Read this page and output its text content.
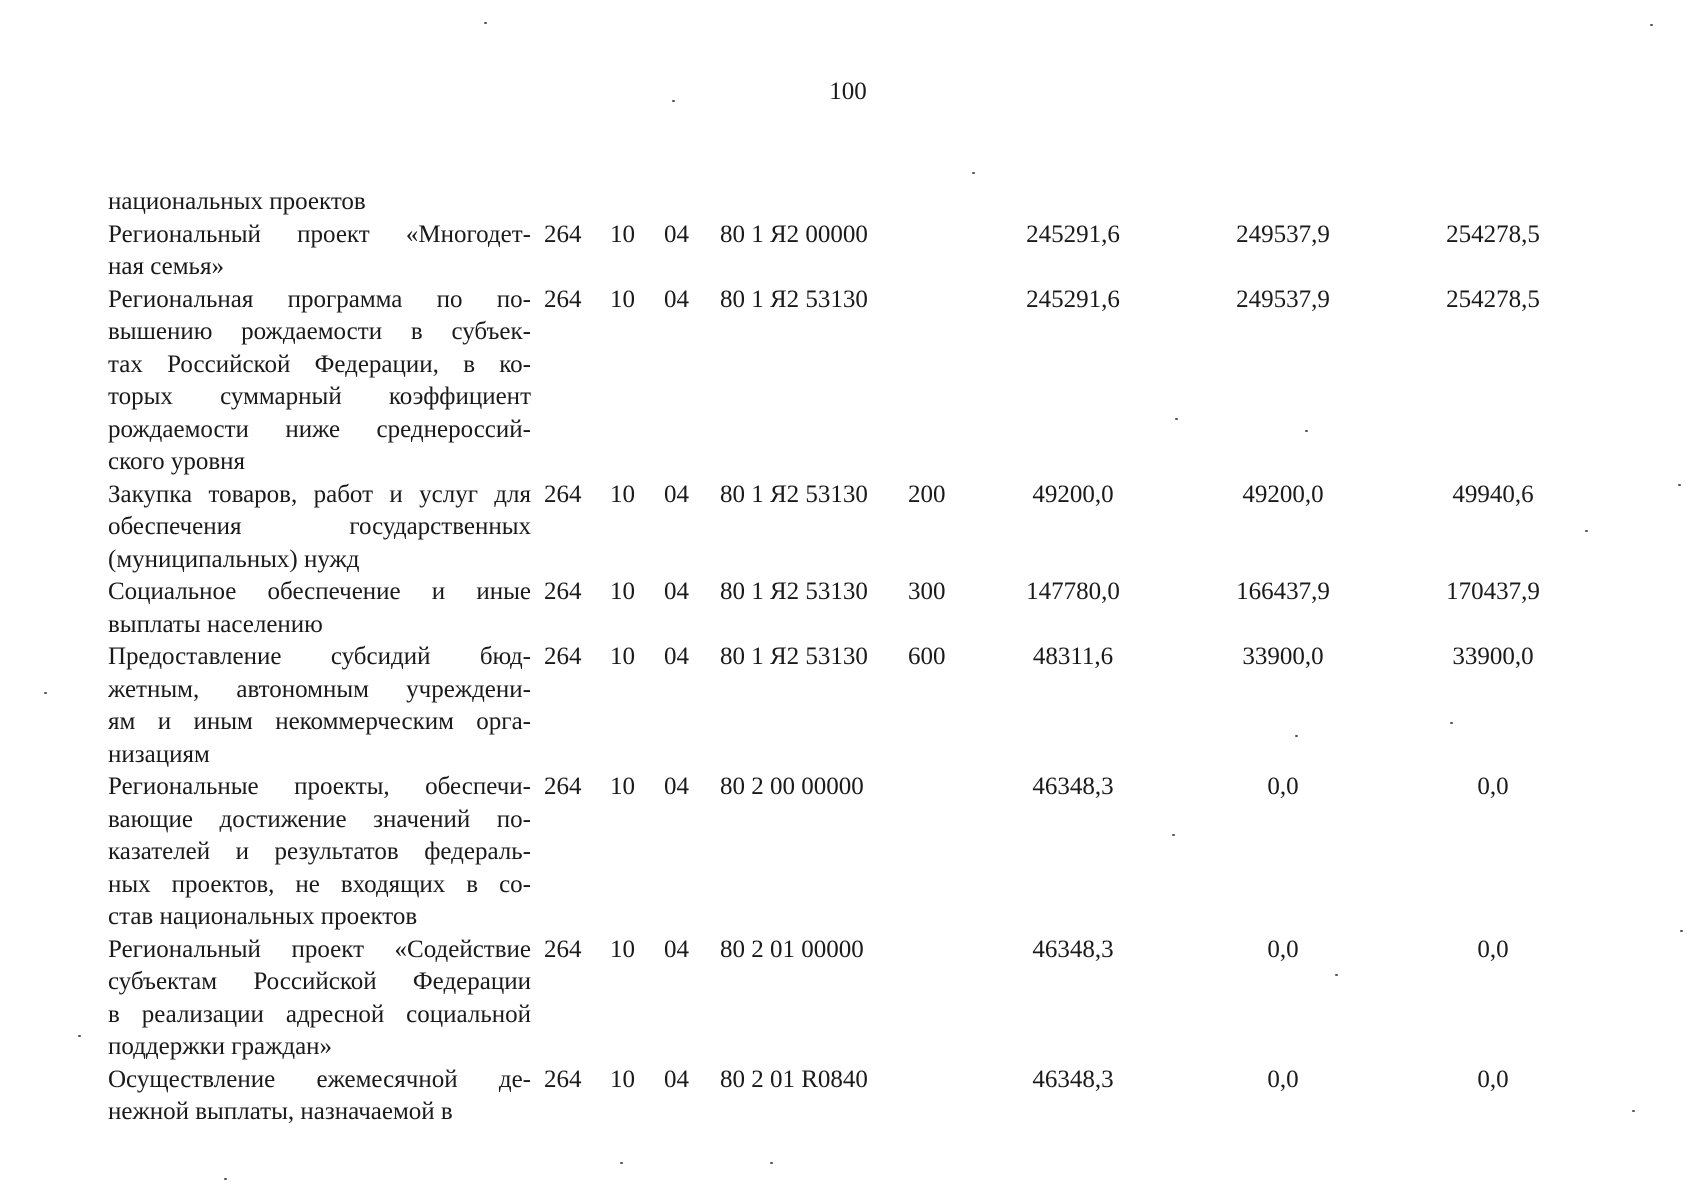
100
национальных проектов
Региональный проект «Многодет-
ная семья»
264 10 04 80 1 Я2 00000	245291,6	249537,9	254278,5
Региональная программа по по-
вышению рождаемости в субъек-
тах Российской Федерации, в ко-
торых суммарный коэффициент
рождаемости ниже среднероссий-
ского уровня
264 10 04 80 1 Я2 53130	245291,6	249537,9	254278,5
Закупка товаров, работ и услуг для
обеспечения государственных
(муниципальных) нужд
264 10 04 80 1 Я2 53130 200	49200,0	49200,0	49940,6
Социальное обеспечение и иные
выплаты населению
264 10 04 80 1 Я2 53130 300	147780,0	166437,9	170437,9
Предоставление субсидий бюд-
жетным, автономным учреждени-
ям и иным некоммерческим орга-
низациям
264 10 04 80 1 Я2 53130 600	48311,6	33900,0	33900,0
Региональные проекты, обеспечи-
вающие достижение значений по-
казателей и результатов федераль-
ных проектов, не входящих в со-
став национальных проектов
264 10 04 80 2 00 00000	46348,3	0,0	0,0
Региональный проект «Содействие
субъектам Российской Федерации
в реализации адресной социальной
поддержки граждан»
264 10 04 80 2 01 00000	46348,3	0,0	0,0
Осуществление ежемесячной де-
нежной выплаты, назначаемой в
264 10 04 80 2 01 R0840	46348,3	0,0	0,0
